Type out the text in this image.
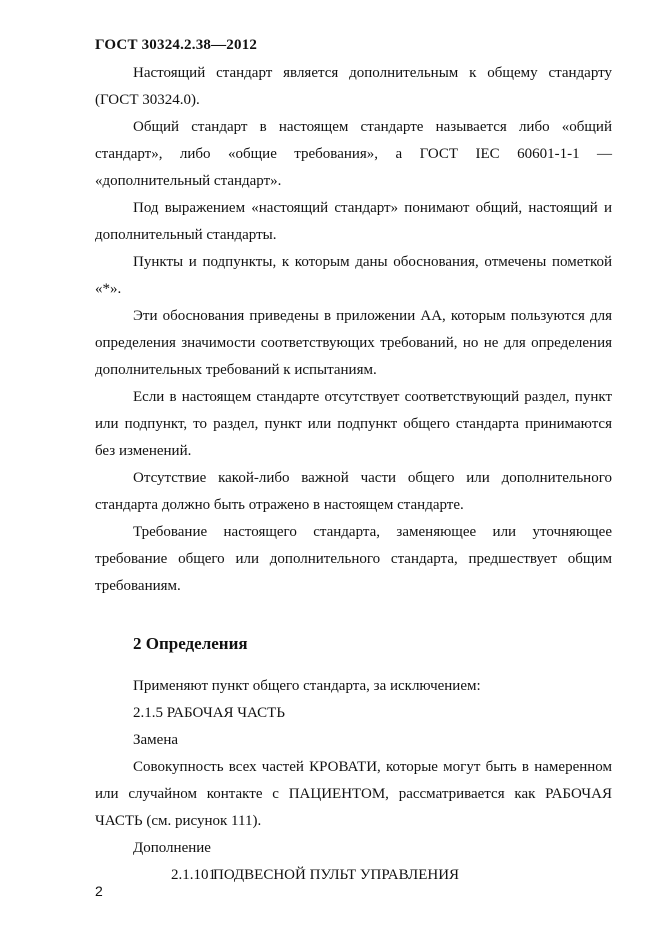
ГОСТ 30324.2.38—2012

Настоящий стандарт является дополнительным к общему стандарту (ГОСТ 30324.0).

Общий стандарт в настоящем стандарте называется либо «общий стандарт», либо «общие требования», а ГОСТ IEC 60601-1-1 — «дополнительный стандарт».

Под выражением «настоящий стандарт» понимают общий, настоящий и дополнительный стандарты.

Пункты и подпункты, к которым даны обоснования, отмечены пометкой «*».

Эти обоснования приведены в приложении АА, которым пользуются для определения значимости соответствующих требований, но не для определения дополнительных требований к испытаниям.

Если в настоящем стандарте отсутствует соответствующий раздел, пункт или подпункт, то раздел, пункт или подпункт общего стандарта принимаются без изменений.

Отсутствие какой-либо важной части общего или дополнительного стандарта должно быть отражено в настоящем стандарте.

Требование настоящего стандарта, заменяющее или уточняющее требование общего или дополнительного стандарта, предшествует общим требованиям.

2 Определения

Применяют пункт общего стандарта, за исключением:

2.1.5 РАБОЧАЯ ЧАСТЬ

Замена

Совокупность всех частей КРОВАТИ, которые могут быть в намеренном или случайном контакте с ПАЦИЕНТОМ, рассматривается как РАБОЧАЯ ЧАСТЬ (см. рисунок 111).

Дополнение

2.1.101ПОДВЕСНОЙ ПУЛЬТ УПРАВЛЕНИЯ

2
